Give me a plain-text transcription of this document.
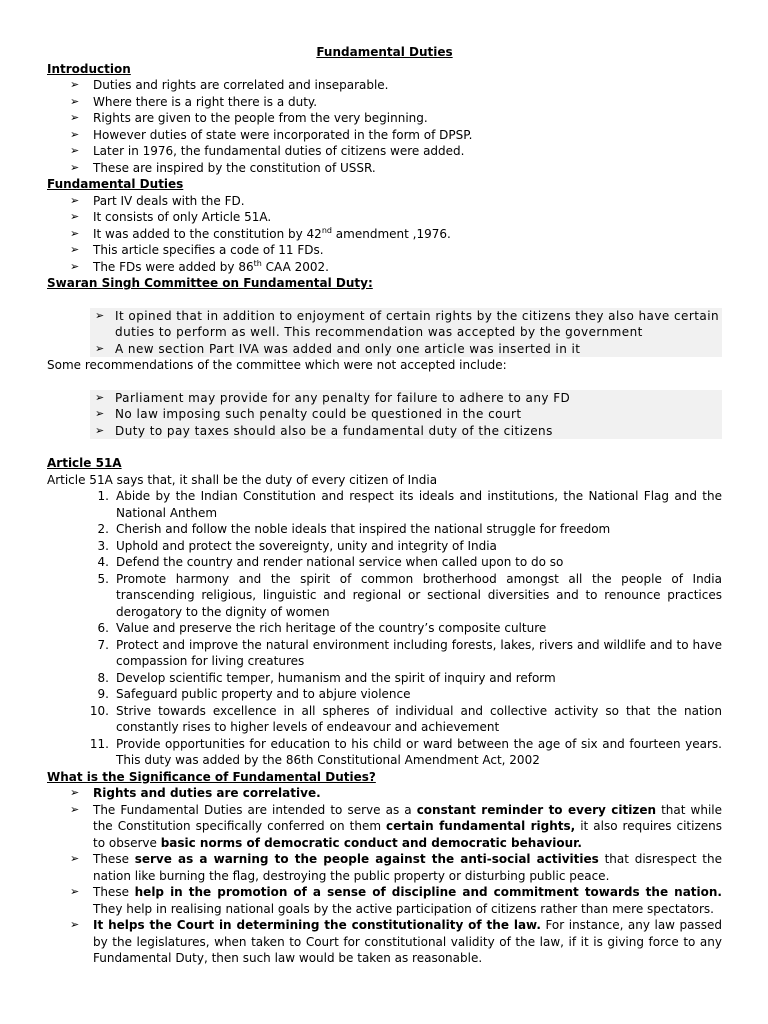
Fundamental Duties

Introduction

➢ Duties and rights are correlated and inseparable.
➢ Where there is a right there is a duty.
➢ Rights are given to the people from the very beginning.
➢ However duties of state were incorporated in the form of DPSP.
➢ Later in 1976, the fundamental duties of citizens were added.
➢ These are inspired by the constitution of USSR.

Fundamental Duties

➢ Part IV deals with the FD.
➢ It consists of only Article 51A.
➢ It was added to the constitution by 42nd amendment ,1976.
➢ This article specifies a code of 11 FDs.
➢ The FDs were added by 86th CAA 2002.

Swaran Singh Committee on Fundamental Duty:

➢ It opined that in addition to enjoyment of certain rights by the citizens they also have certain duties to perform as well. This recommendation was accepted by the government
➢ A new section Part IVA was added and only one article was inserted in it

Some recommendations of the committee which were not accepted include:

➢ Parliament may provide for any penalty for failure to adhere to any FD
➢ No law imposing such penalty could be questioned in the court
➢ Duty to pay taxes should also be a fundamental duty of the citizens

Article 51A

Article 51A says that, it shall be the duty of every citizen of India

1. Abide by the Indian Constitution and respect its ideals and institutions, the National Flag and the National Anthem
2. Cherish and follow the noble ideals that inspired the national struggle for freedom
3. Uphold and protect the sovereignty, unity and integrity of India
4. Defend the country and render national service when called upon to do so
5. Promote harmony and the spirit of common brotherhood amongst all the people of India transcending religious, linguistic and regional or sectional diversities and to renounce practices derogatory to the dignity of women
6. Value and preserve the rich heritage of the country’s composite culture
7. Protect and improve the natural environment including forests, lakes, rivers and wildlife and to have compassion for living creatures
8. Develop scientific temper, humanism and the spirit of inquiry and reform
9. Safeguard public property and to abjure violence
10. Strive towards excellence in all spheres of individual and collective activity so that the nation constantly rises to higher levels of endeavour and achievement
11. Provide opportunities for education to his child or ward between the age of six and fourteen years. This duty was added by the 86th Constitutional Amendment Act, 2002

What is the Significance of Fundamental Duties?

➢ Rights and duties are correlative.
➢ The Fundamental Duties are intended to serve as a constant reminder to every citizen that while the Constitution specifically conferred on them certain fundamental rights, it also requires citizens to observe basic norms of democratic conduct and democratic behaviour.
➢ These serve as a warning to the people against the anti-social activities that disrespect the nation like burning the flag, destroying the public property or disturbing public peace.
➢ These help in the promotion of a sense of discipline and commitment towards the nation. They help in realising national goals by the active participation of citizens rather than mere spectators.
➢ It helps the Court in determining the constitutionality of the law. For instance, any law passed by the legislatures, when taken to Court for constitutional validity of the law, if it is giving force to any Fundamental Duty, then such law would be taken as reasonable.
